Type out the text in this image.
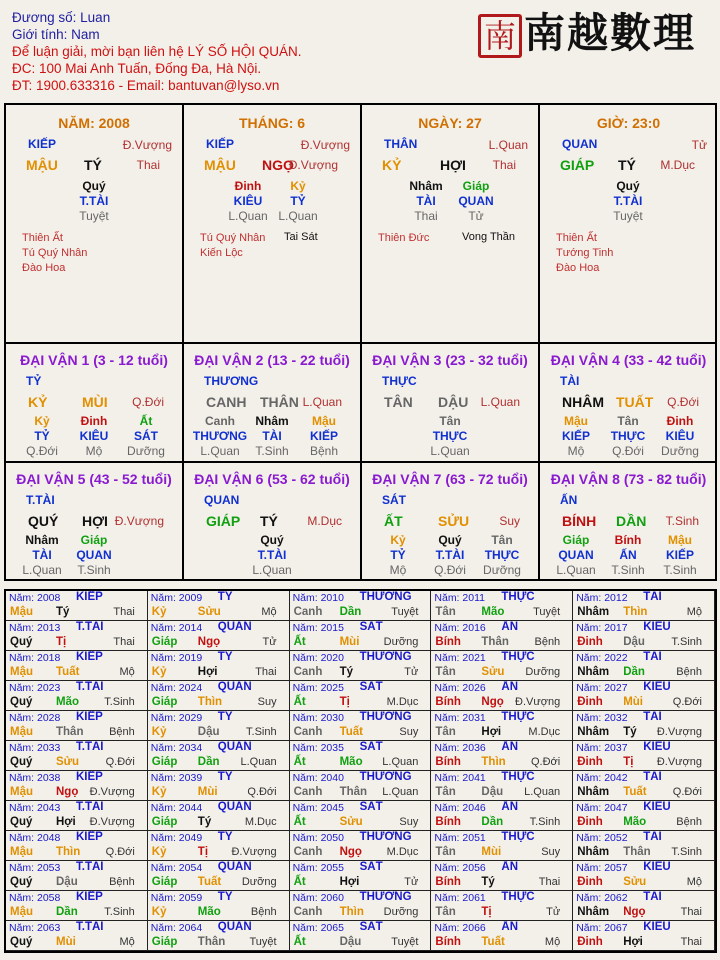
Đương số: Luan
Giới tính: Nam
Để luận giải, mời bạn liên hệ LÝ SỐ HỘI QUÁN.
ĐC: 100 Mai Anh Tuấn, Đống Đa, Hà Nội.
ĐT: 1900.633316 - Email: bantuvan@lyso.vn
南 南越數理
NĂM: 2008
KIẾP	Đ.Vượng
MẬU TÝ	Thai
Quý
T.TÀI
Tuyệt
Thiên Ất
Tú Quý Nhân
Đào Hoa
THÁNG: 6
KIẾP	Đ.Vượng
MẬU NGỌ
Đ.Vượng
Đinh
KIÊU
L.Quan
Kỷ
TỶ
L.Quan
Tú Quý Nhân
Kiến Lộc
Tai Sát
NGÀY: 27
THÂN	L.Quan
KỶ	HỢI Thai
Nhâm
TÀI
Thai
Giáp
QUAN
Tử
Thiên Đức	Vong Thần
GIỜ: 23:0
QUAN	Tử
GIÁP TÝ M.Dục
Quý
T.TÀI
Tuyệt
Thiên Ất
Tướng Tinh
Đào Hoa
ĐẠI VẬN 1 (3 - 12 tuổi)
TỶ
KỶ MÙI Q.Đới
Kỷ
TỶ
Q.Đới
Đinh
KIÊU
Mộ
Ất
SÁT
Dưỡng
ĐẠI VẬN 2 (13 - 22 tuổi)
THƯƠNG
CANH THÂN L.Quan
Canh
THƯƠNG
L.Quan
Nhâm
TÀI
T.Sinh
Mậu
KIẾP
Bệnh
ĐẠI VẬN 3 (23 - 32 tuổi)
THỰC
TÂN DẬU L.Quan
Tân
THỰC
L.Quan
ĐẠI VẬN 4 (33 - 42 tuổi)
TÀI
NHÂM TUẤT Q.Đới
Mậu
KIẾP
Mộ
Tân
THỰC
Q.Đới
Đinh
KIÊU
Dưỡng
ĐẠI VẬN 5 (43 - 52 tuổi)
T.TÀI
QUÝ HỢI Đ.Vượng
Nhâm
TÀI
L.Quan
Giáp
QUAN
T.Sinh
ĐẠI VẬN 6 (53 - 62 tuổi)
QUAN
GIÁP TÝ M.Dục
Quý
T.TÀI
L.Quan
ĐẠI VẬN 7 (63 - 72 tuổi)
SÁT
ẤT	SỬU	Suy
Kỷ
TỶ
Mộ
Quý
T.TÀI
Q.Đới
Tân
THỰC
Dưỡng
ĐẠI VẬN 8 (73 - 82 tuổi)
ẤN
BÍNH DẦN T.Sinh
Giáp
QUAN
L.Quan
Bính
ẤN
T.Sinh
Mậu
KIẾP
T.Sinh
Năm: 2008 KIẾP
Mậu Tý	Thai
Năm: 2009 TỶ
Kỷ	Sửu	Mộ
Năm: 2010 THƯƠNG
Canh Dần	Tuyệt
Năm: 2011 THỰC
Tân Mão	Tuyệt
Năm: 2012 TÀI
Nhâm Thìn	Mộ
Năm: 2013 T.TÀI
Quý Tị	Thai
Năm: 2014 QUAN
Giáp Ngọ	Tử
Năm: 2015 SÁT
Ất	Mùi Dưỡng
Năm: 2016 ẤN
Bính Thân Bệnh
Năm: 2017 KIÊU
Đinh Dậu T.Sinh
Năm: 2018 KIẾP
Mậu Tuất	Mộ
Năm: 2019 TỶ
Kỷ	Hợi	Thai
Năm: 2020 THƯƠNG
Canh Tý	Tử
Năm: 2021 THỰC
Tân Sửu Dưỡng
Năm: 2022 TÀI
Nhâm Dần	Bệnh
Năm: 2023 T.TÀI
Quý Mão T.Sinh
Năm: 2024 QUAN
Giáp Thìn	Suy
Năm: 2025 SÁT
Ất	Tị	M.Dục
Năm: 2026 ẤN
Bính Ngọ Đ.Vượng
Năm: 2027 KIÊU
Đinh Mùi	Q.Đới
Năm: 2028 KIẾP
Mậu Thân Bệnh
Năm: 2029 TỶ
Kỷ	Dậu T.Sinh
Năm: 2030 THƯƠNG
Canh Tuất	Suy
Năm: 2031 THỰC
Tân Hợi M.Dục
Năm: 2032 TÀI
Nhâm Tý Đ.Vượng
Năm: 2033 T.TÀI
Quý Sửu Q.Đới
Năm: 2034 QUAN
Giáp Dần L.Quan
Năm: 2035 SÁT
Ất	Mão L.Quan
Năm: 2036 ẤN
Bính Thìn Q.Đới
Năm: 2037 KIÊU
Đinh Tị Đ.Vượng
Năm: 2038 KIẾP
Mậu Ngọ Đ.Vượng
Năm: 2039 TỶ
Kỷ	Mùi	Q.Đới
Năm: 2040 THƯƠNG
Canh Thân L.Quan
Năm: 2041 THỰC
Tân Dậu L.Quan
Năm: 2042 TÀI
Nhâm Tuất Q.Đới
Năm: 2043 T.TÀI
Quý Hợi Đ.Vượng
Năm: 2044 QUAN
Giáp Tý	M.Dục
Năm: 2045 SÁT
Ất	Sửu	Suy
Năm: 2046 ẤN
Bính Dần T.Sinh
Năm: 2047 KIÊU
Đinh Mão	Bệnh
Năm: 2048 KIẾP
Mậu Thìn Q.Đới
Năm: 2049 TỶ
Kỷ	Tị Đ.Vượng
Năm: 2050 THƯƠNG
Canh Ngọ M.Dục
Năm: 2051 THỰC
Tân Mùi	Suy
Năm: 2052 TÀI
Nhâm Thân T.Sinh
Năm: 2053 T.TÀI
Quý Dậu	Bệnh
Năm: 2054 QUAN
Giáp Tuất Dưỡng
Năm: 2055 SÁT
Ất	Hợi	Tử
Năm: 2056 ẤN
Bính Tý	Thai
Năm: 2057 KIÊU
Đinh Sửu	Mộ
Năm: 2058 KIẾP
Mậu Dần T.Sinh
Năm: 2059 TỶ
Kỷ	Mão	Bệnh
Năm: 2060 THƯƠNG
Canh Thìn Dưỡng
Năm: 2061 THỰC
Tân Tị	Tử
Năm: 2062 TÀI
Nhâm Ngọ	Thai
Năm: 2063 T.TÀI
Quý Mùi	Mộ
Năm: 2064 QUAN
Giáp Thân Tuyệt
Năm: 2065 SÁT
Ất	Dậu	Tuyệt
Năm: 2066 ẤN
Bính Tuất	Mộ
Năm: 2067 KIÊU
Đinh Hợi	Thai
